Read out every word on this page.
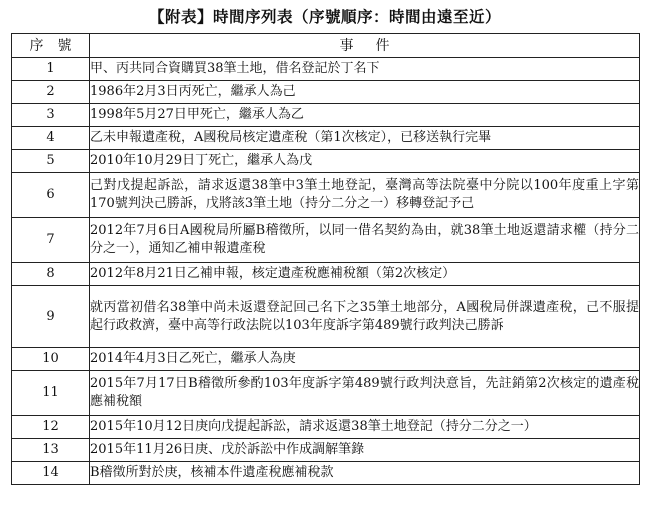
【附表】時間序列表（序號順序：時間由遠至近）
序號	事件
1	甲、丙共同合資購買38筆土地，借名登記於丁名下
2	1986年2月3日丙死亡，繼承人為己
3	1998年5月27日甲死亡，繼承人為乙
4	乙未申報遺產稅，A國稅局核定遺產稅（第1次核定），已移送執行完畢
5	2010年10月29日丁死亡，繼承人為戊
6	己對戊提起訴訟，請求返還38筆中3筆土地登記，臺灣高等法院臺中分院以100年度重上字第170號判決己勝訴，戊將該3筆土地（持分二分之一）移轉登記予己
7	2012年7月6日A國稅局所屬B稽徵所，以同一借名契約為由，就38筆土地返還請求權（持分二分之一），通知乙補申報遺產稅
8	2012年8月21日乙補申報，核定遺產稅應補稅額（第2次核定）
9	就丙當初借名38筆中尚未返還登記回己名下之35筆土地部分，A國稅局併課遺產稅，己不服提起行政救濟，臺中高等行政法院以103年度訴字第489號行政判決己勝訴
10	2014年4月3日乙死亡，繼承人為庚
11	2015年7月17日B稽徵所參酌103年度訴字第489號行政判決意旨，先註銷第2次核定的遺產稅應補稅額
12	2015年10月12日庚向戊提起訴訟，請求返還38筆土地登記（持分二分之一）
13	2015年11月26日庚、戊於訴訟中作成調解筆錄
14	B稽徵所對於庚，核補本件遺產稅應補稅款
